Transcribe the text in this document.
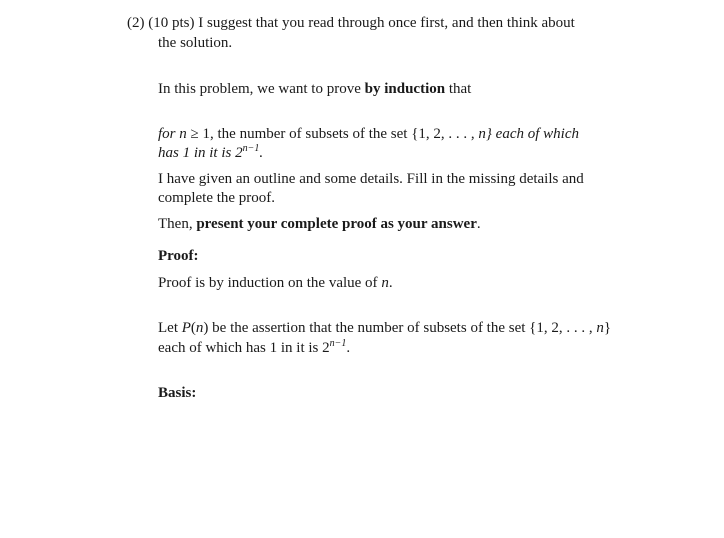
(2) (10 pts) I suggest that you read through once first, and then think about
the solution.
In this problem, we want to prove by induction that
for n ≥ 1, the number of subsets of the set {1, 2, . . . , n} each of which
has 1 in it is $2^{n-1}$.
I have given an outline and some details. Fill in the missing details and
complete the proof.
Then, present your complete proof as your answer.
Proof:
Proof is by induction on the value of n.
Let P(n) be the assertion that the number of subsets of the set {1, 2, . . . , n}
each of which has 1 in it is $2^{n-1}$.
Basis:
